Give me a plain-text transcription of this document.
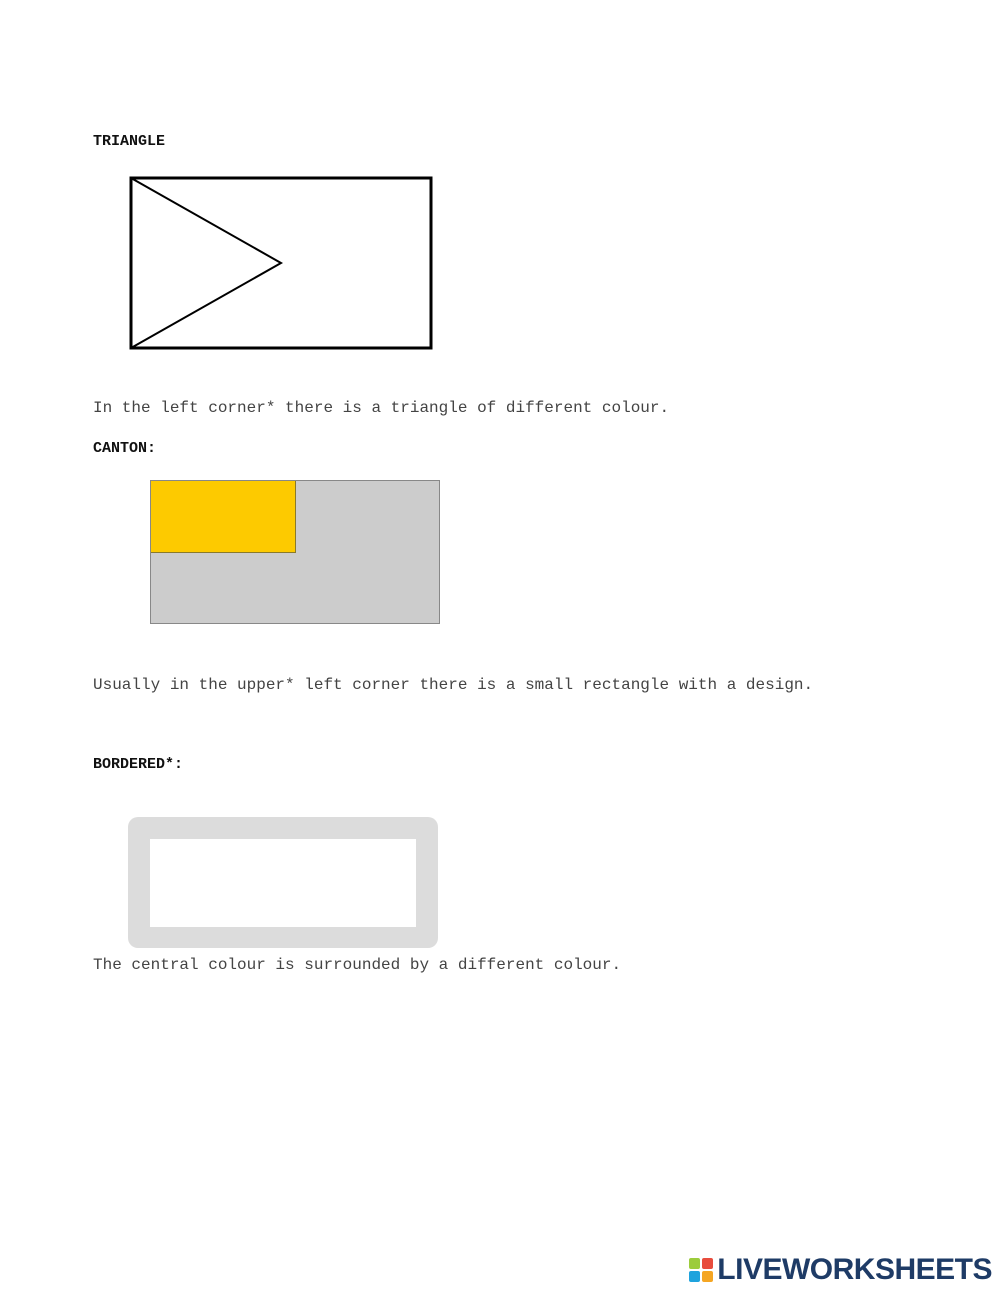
TRIANGLE

In the left corner* there is a triangle of different colour.

CANTON:

Usually in the upper* left corner there is a small rectangle with a design.

BORDERED*:

The central colour is surrounded by a different colour.

LIVEWORKSHEETS
